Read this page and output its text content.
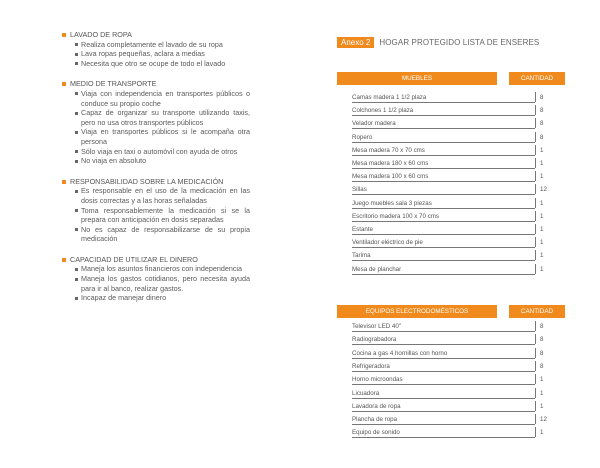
LAVADO DE ROPA
Realiza completamente el lavado de su ropa
Lava ropas pequeñas, aclara a medias
Necesita que otro se ocupe de todo el lavado
MEDIO DE TRANSPORTE
Viaja con independencia en transportes públicos o conduce su propio coche
Capaz de organizar su transporte utilizando taxis, pero no usa otros transportes públicos
Viaja en transportes públicos si le acompaña otra persona
Sólo viaja en taxi o automóvil con ayuda de otros
No viaja en absoluto
RESPONSABILIDAD SOBRE LA MEDICACIÓN
Es responsable en el uso de la medicación en las dosis correctas y a las horas señaladas
Toma responsablemente la medicación si se la prepara con anticipación en dosis separadas
No es capaz de responsabilizarse de su propia medicación
CAPACIDAD DE UTILIZAR EL DINERO
Maneja los asuntos financieros con independencia
Maneja los gastos cotidianos, pero necesita ayuda para ir al banco, realizar gastos.
Incapaz de manejar dinero
Anexo 2	HOGAR PROTEGIDO LISTA DE ENSERES
MUEBLES	CANTIDAD
Camas madera 1 1/2 plaza	8
Colchones 1 1/2 plaza	8
Velador madera	8
Ropero	8
Mesa madera 70 x 70 cms	1
Mesa madera 180 x 60 cms	1
Mesa madera 100 x 60 cms	1
Sillas	12
Juego muebles sala 3 piezas	1
Escritorio madera 100 x 70 cms	1
Estante	1
Ventilador eléctrico de pie	1
Tarima	1
Mesa de planchar	1
EQUIPOS ELECTRODOMÉSTICOS	CANTIDAD
Televisor LED 40"	8
Radiograbadora	8
Cocina a gas 4 hornillas con horno	8
Refrigeradora	8
Horno microondas	1
Licuadora	1
Lavadora de ropa	1
Plancha de ropa	12
Equipo de sonido	1
